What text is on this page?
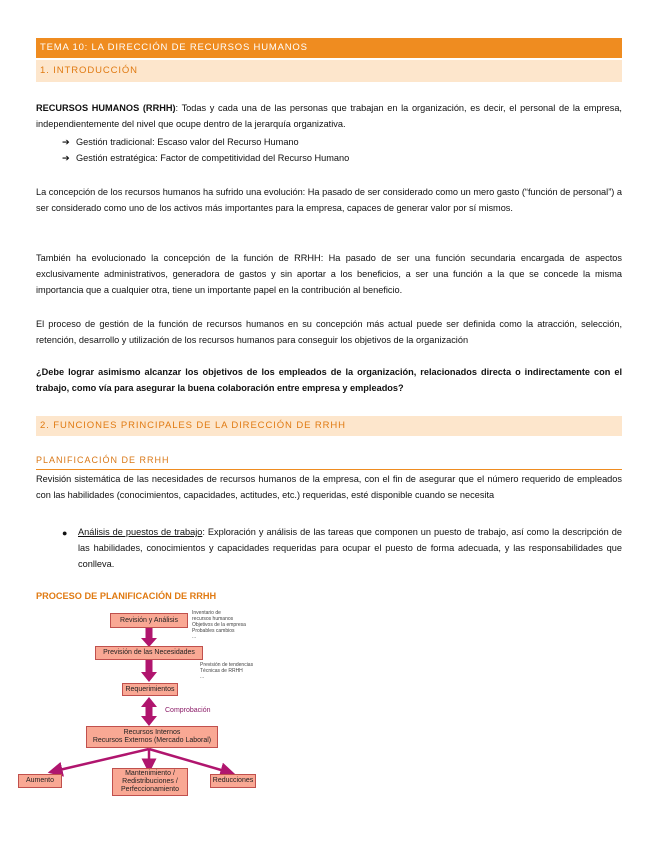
TEMA 10: LA DIRECCIÓN DE RECURSOS HUMANOS
1. INTRODUCCIÓN

RECURSOS HUMANOS (RRHH): Todas y cada una de las personas que trabajan en la organización, es decir, el personal de la empresa, independientemente del nivel que ocupe dentro de la jerarquía organizativa.

➔ Gestión tradicional: Escaso valor del Recurso Humano
➔ Gestión estratégica: Factor de competitividad del Recurso Humano

La concepción de los recursos humanos ha sufrido una evolución: Ha pasado de ser considerado como un mero gasto (“función de personal”) a ser considerado como uno de los activos más importantes para la empresa, capaces de generar valor por sí mismos.

También ha evolucionado la concepción de la función de RRHH: Ha pasado de ser una función secundaria encargada de aspectos exclusivamente administrativos, generadora de gastos y sin aportar a los beneficios, a ser una función a la que se concede la misma importancia que a cualquier otra, tiene un importante papel en la contribución al beneficio.

El proceso de gestión de la función de recursos humanos en su concepción más actual puede ser definida como la atracción, selección, retención, desarrollo y utilización de los recursos humanos para conseguir los objetivos de la organización

¿Debe lograr asimismo alcanzar los objetivos de los empleados de la organización, relacionados directa o indirectamente con el trabajo, como vía para asegurar la buena colaboración entre empresa y empleados?

2. FUNCIONES PRINCIPALES DE LA DIRECCIÓN DE RRHH
PLANIFICACIÓN DE RRHH

Revisión sistemática de las necesidades de recursos humanos de la empresa, con el fin de asegurar que el número requerido de empleados con las habilidades (conocimientos, capacidades, actitudes, etc.) requeridas, esté disponible cuando se necesita

● Análisis de puestos de trabajo: Exploración y análisis de las tareas que componen un puesto de trabajo, así como la descripción de las habilidades, conocimientos y capacidades requeridas para ocupar el puesto de forma adecuada, y las responsabilidades que conlleva.

PROCESO DE PLANIFICACIÓN DE RRHH
Revisión y Análisis
Inventario de
recursos humanos
Objetivos de la empresa
Probables cambios
...
Previsión de las Necesidades
Previsión de tendencias
Técnicas de RRHH
...
Requerimientos
Comprobación
Recursos Internos
Recursos Externos (Mercado Laboral)
Aumento
Mantenimiento /
Redistribuciones /
Perfeccionamiento
Reducciones
